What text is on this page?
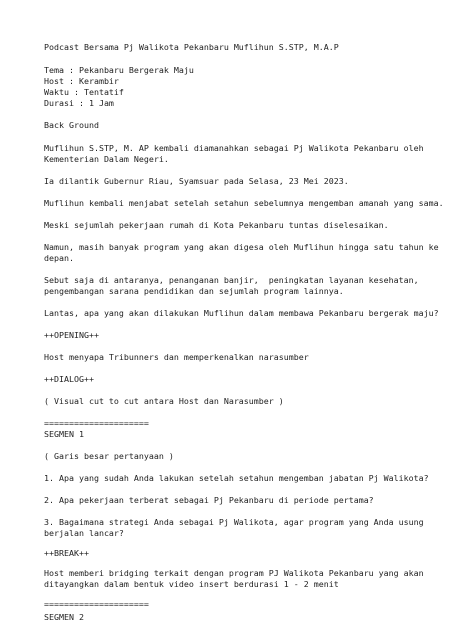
Podcast Bersama Pj Walikota Pekanbaru Muflihun S.STP, M.A.P
Tema : Pekanbaru Bergerak Maju
Host : Kerambir
Waktu : Tentatif
Durasi : 1 Jam
Back Ground
Muflihun S.STP, M. AP kembali diamanahkan sebagai Pj Walikota Pekanbaru oleh
Kementerian Dalam Negeri.
Ia dilantik Gubernur Riau, Syamsuar pada Selasa, 23 Mei 2023.
Muflihun kembali menjabat setelah setahun sebelumnya mengemban amanah yang sama.
Meski sejumlah pekerjaan rumah di Kota Pekanbaru tuntas diselesaikan.
Namun, masih banyak program yang akan digesa oleh Muflihun hingga satu tahun ke
depan.
Sebut saja di antaranya, penanganan banjir,  peningkatan layanan kesehatan,
pengembangan sarana pendidikan dan sejumlah program lainnya.
Lantas, apa yang akan dilakukan Muflihun dalam membawa Pekanbaru bergerak maju?
++OPENING++
Host menyapa Tribunners dan memperkenalkan narasumber
++DIALOG++
( Visual cut to cut antara Host dan Narasumber )
=====================
SEGMEN 1
( Garis besar pertanyaan )
1. Apa yang sudah Anda lakukan setelah setahun mengemban jabatan Pj Walikota?
2. Apa pekerjaan terberat sebagai Pj Pekanbaru di periode pertama?
3. Bagaimana strategi Anda sebagai Pj Walikota, agar program yang Anda usung
berjalan lancar?
++BREAK++
Host memberi bridging terkait dengan program PJ Walikota Pekanbaru yang akan
ditayangkan dalam bentuk video insert berdurasi 1 - 2 menit
=====================
SEGMEN 2
